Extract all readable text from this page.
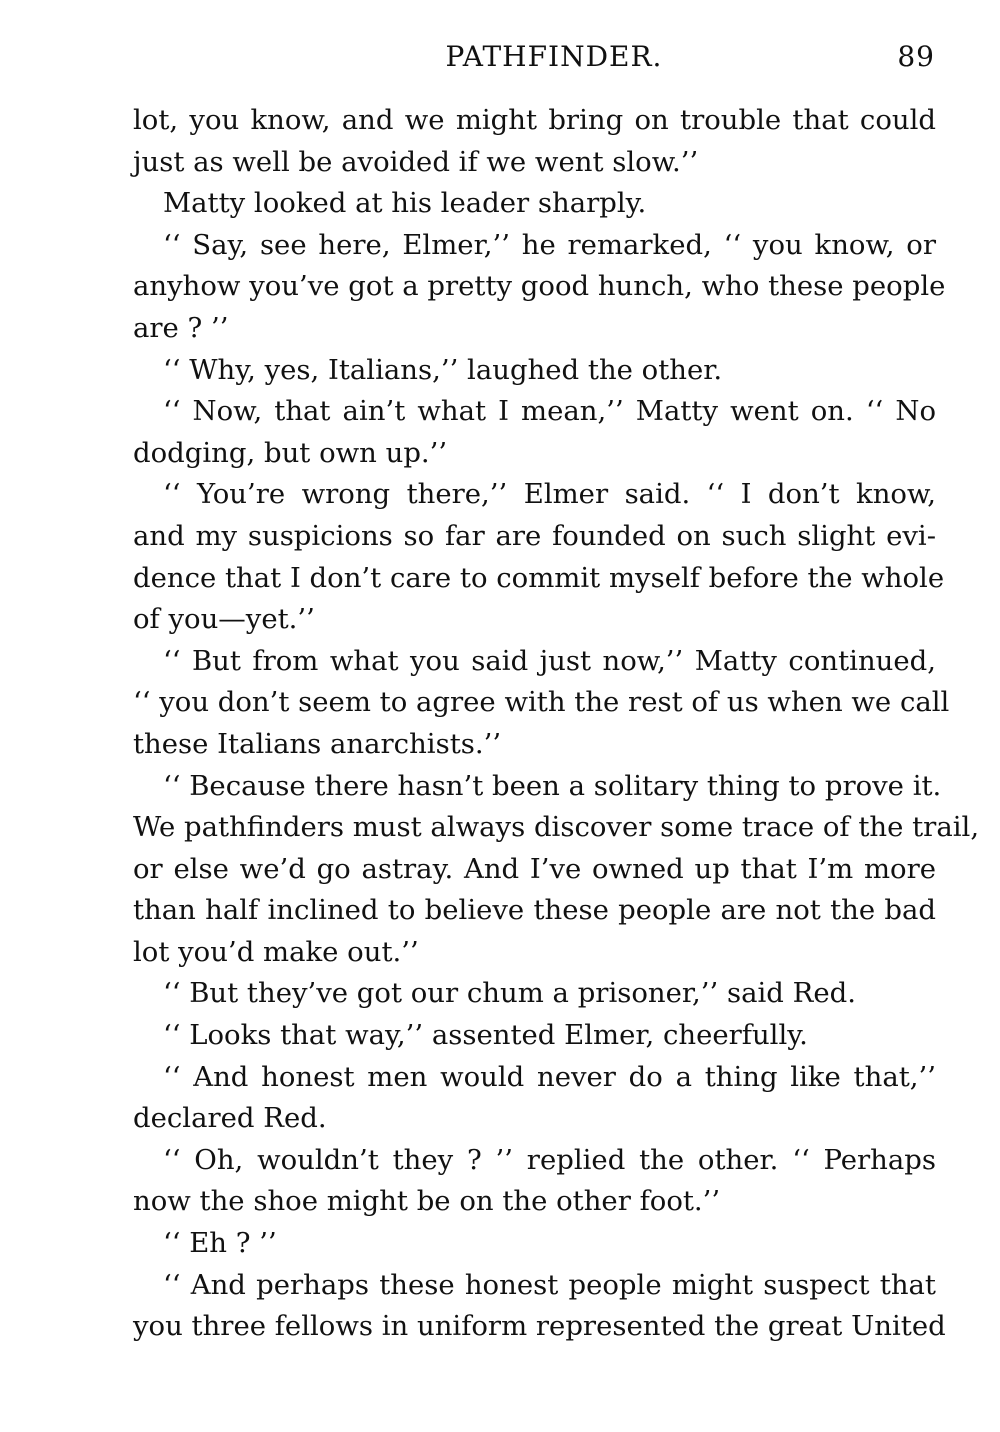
PATHFINDER.	89
lot, you know, and we might bring on trouble that could
just as well be avoided if we went slow.’’
Matty looked at his leader sharply.
‘‘ Say, see here, Elmer,’’ he remarked, ‘‘ you know, or
anyhow you’ve got a pretty good hunch, who these people
are ? ’’
‘‘ Why, yes, Italians,’’ laughed the other.
‘‘ Now, that ain’t what I mean,’’ Matty went on. ‘‘ No
dodging, but own up.’’
‘‘ You’re wrong there,’’ Elmer said. ‘‘ I don’t know,
and my suspicions so far are founded on such slight evi-
dence that I don’t care to commit myself before the whole
of you—yet.’’
‘‘ But from what you said just now,’’ Matty continued,
‘‘ you don’t seem to agree with the rest of us when we call
these Italians anarchists.’’
‘‘ Because there hasn’t been a solitary thing to prove it.
We pathfinders must always discover some trace of the trail,
or else we’d go astray. And I’ve owned up that I’m more
than half inclined to believe these people are not the bad
lot you’d make out.’’
‘‘ But they’ve got our chum a prisoner,’’ said Red.
‘‘ Looks that way,’’ assented Elmer, cheerfully.
‘‘ And honest men would never do a thing like that,’’
declared Red.
‘‘ Oh, wouldn’t they ? ’’ replied the other. ‘‘ Perhaps
now the shoe might be on the other foot.’’
‘‘ Eh ? ’’
‘‘ And perhaps these honest people might suspect that
you three fellows in uniform represented the great United
